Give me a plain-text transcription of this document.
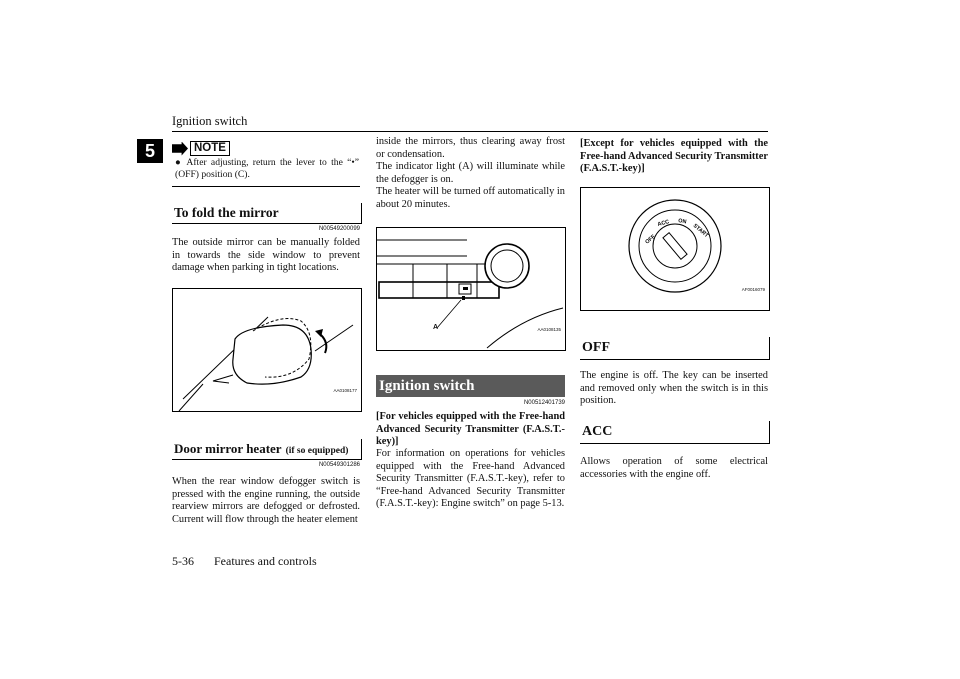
Ignition switch
5	NOTE
● After adjusting, return the lever to the “•” (OFF) position (C).
To fold the mirror
N00549200099
The outside mirror can be manually folded in towards the side window to prevent damage when parking in tight locations.
AA0108177
Door mirror heater (if so equipped)
N00549301286
When the rear window defogger switch is pressed with the engine running, the outside rearview mirrors are defogged or defrosted. Current will flow through the heater element
inside the mirrors, thus clearing away frost or condensation.
The indicator light (A) will illuminate while the defogger is on.
The heater will be turned off automatically in about 20 minutes.
A	AA0108135
Ignition switch
N00512401739
[For vehicles equipped with the Free-hand Advanced Security Transmitter (F.A.S.T.-key)]
For information on operations for vehicles equipped with the Free-hand Advanced Security Transmitter (F.A.S.T.-key), refer to “Free-hand Advanced Security Transmitter (F.A.S.T.-key): Engine switch” on page 5-13.
[Except for vehicles equipped with the Free-hand Advanced Security Transmitter (F.A.S.T.-key)]
OFF
ACC ON
START
AF0016079
OFF
The engine is off. The key can be inserted and removed only when the switch is in this position.
ACC
Allows operation of some electrical accessories with the engine off.
5-36 Features and controls
